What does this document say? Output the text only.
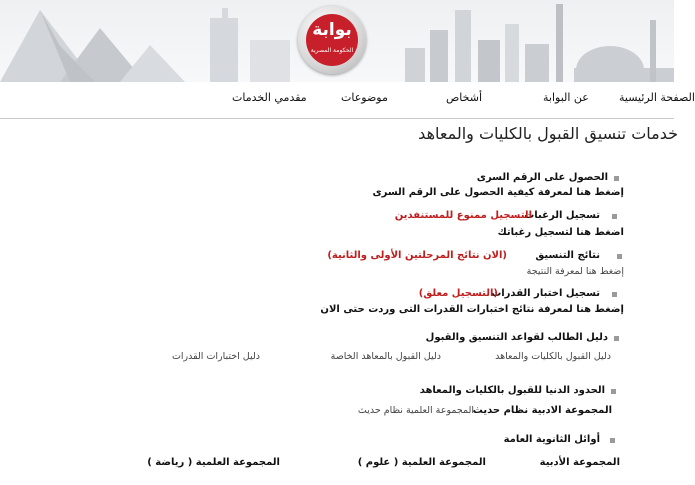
بوابة
الحكومة المصرية
الصفحة الرئيسية
عن البوابة
أشخاص
موضوعات
مقدمي الخدمات
خدمات تنسيق القبول بالكليات والمعاهد
الحصول على الرقم السرى
إضغط هنا لمعرفة كيفية الحصول على الرقم السرى
تسجيل الرغبات
التسجيل ممنوع للمستنفدين
اضغط هنا لتسجيل رغباتك
نتائج التنسيق
(الان نتائج المرحلتين الأولى والثانية)
إضغط هنا لمعرفة النتيجة
تسجيل اختبار القدرات
(التسجيل معلق)
إضغط هنا لمعرفة نتائج اختبارات القدرات التى وردت حتى الان
دليل الطالب لقواعد التنسيق والقبول
دليل القبول بالكليات والمعاهد
دليل القبول بالمعاهد الخاصة
دليل اختبارات القدرات
الحدود الدنيا للقبول بالكليات والمعاهد
المجموعة الادبية نظام حديث
المجموعة العلمية نظام حديث
أوائل الثانوية العامة
المجموعة الأدبية
المجموعة العلمية ( علوم )
المجموعة العلمية ( رياضة )
